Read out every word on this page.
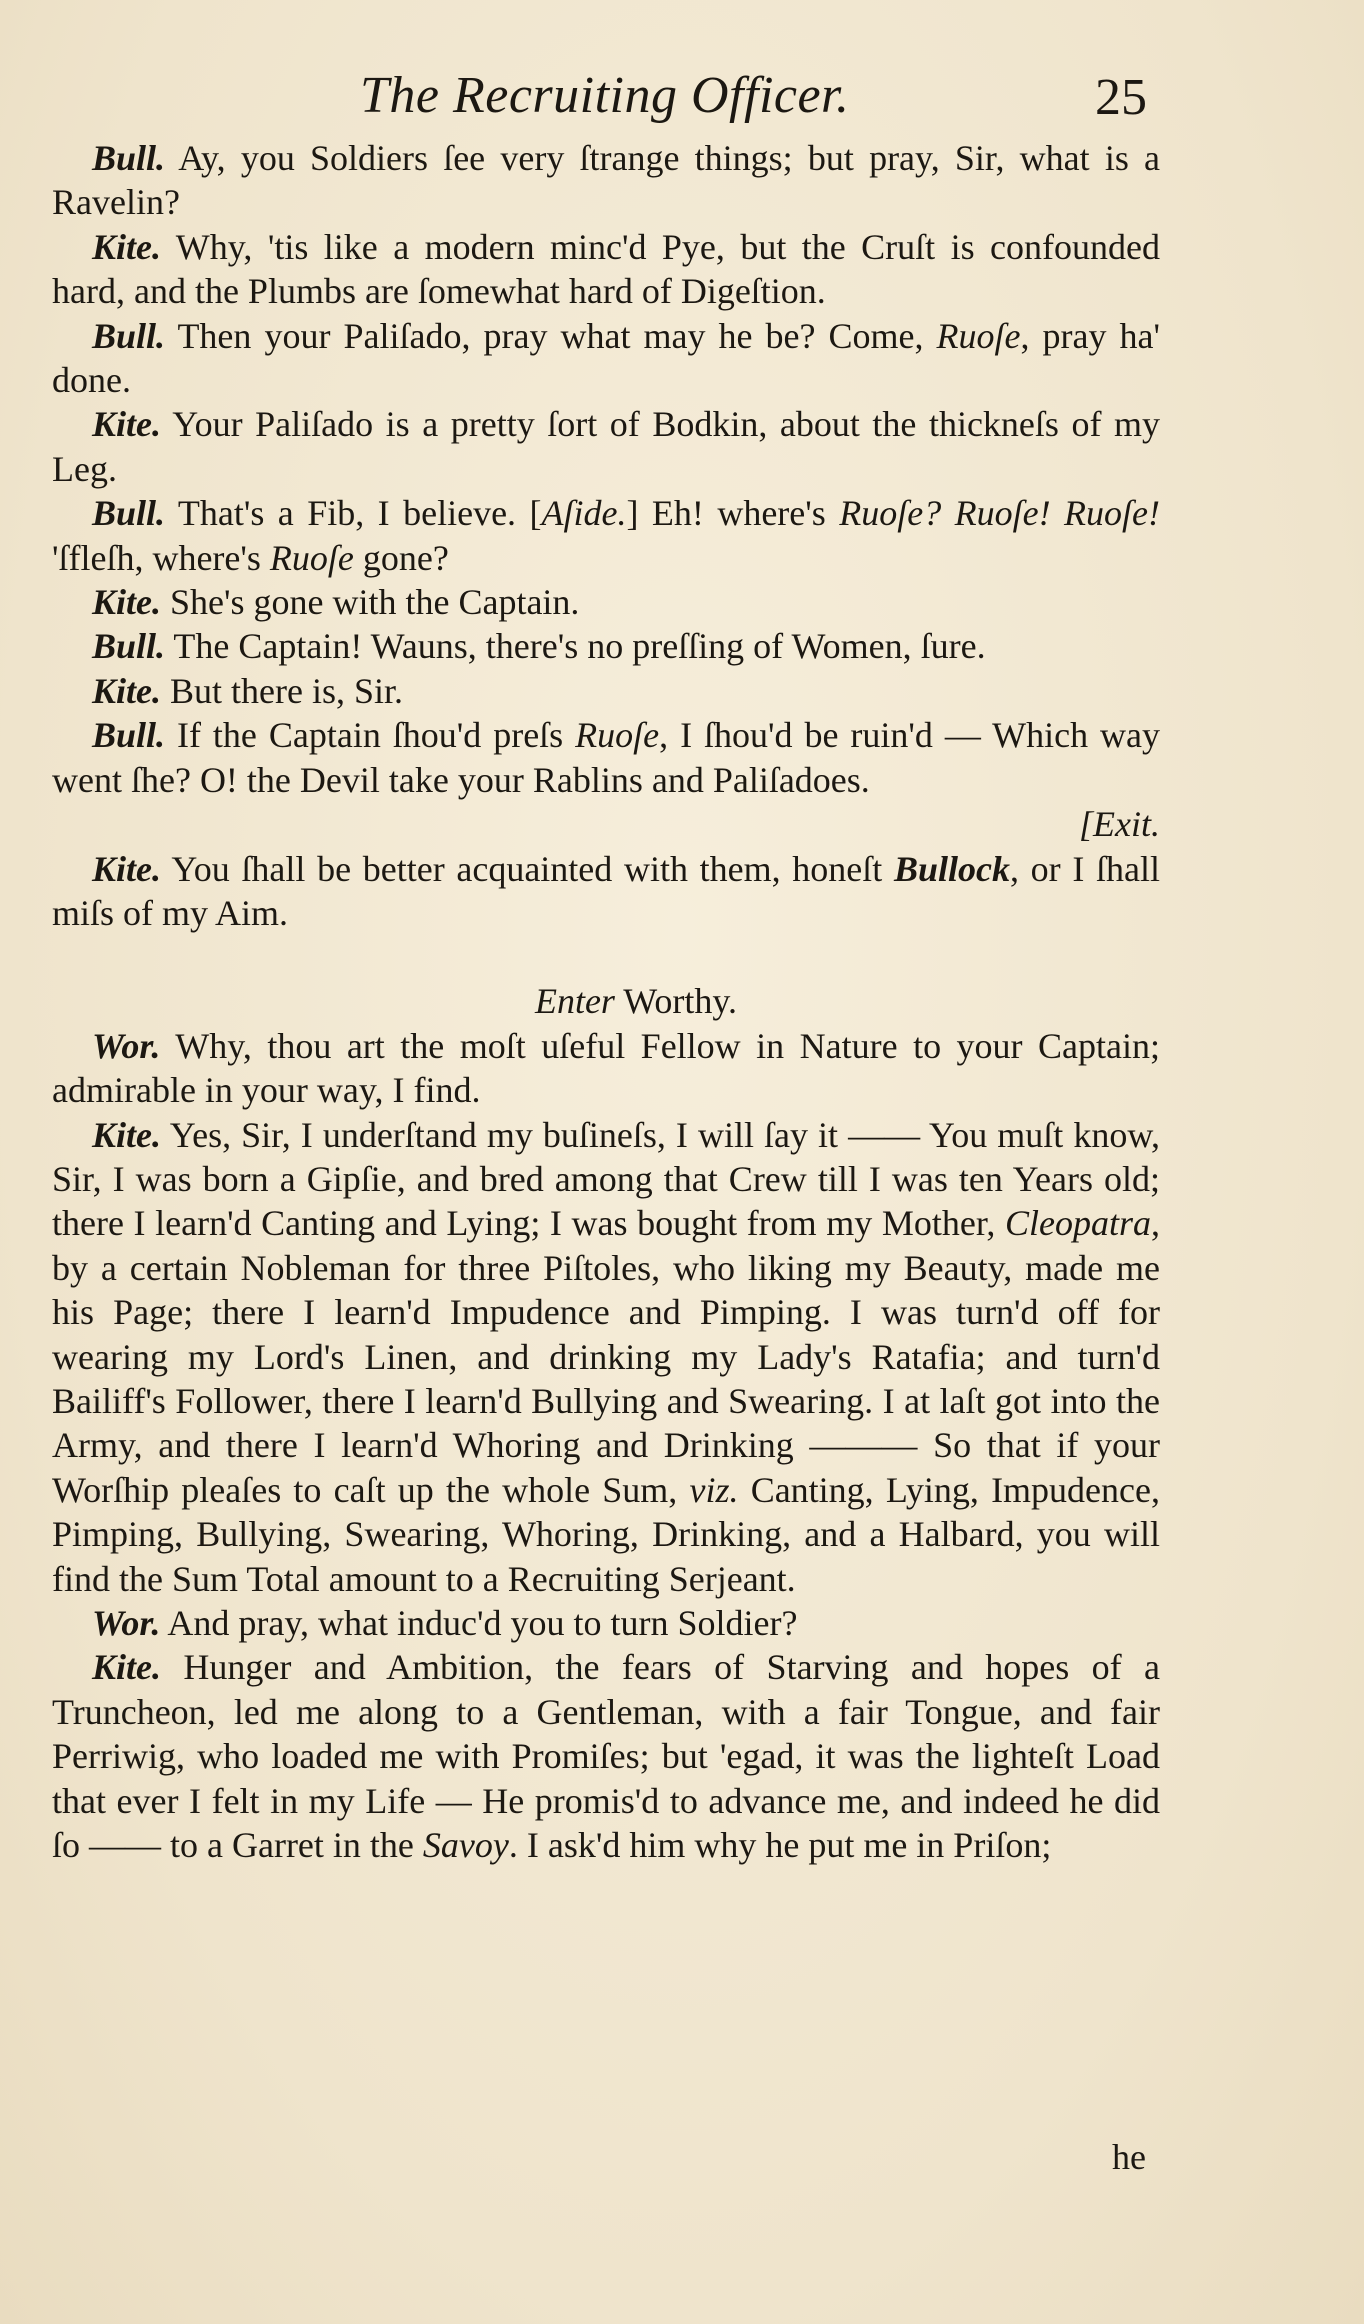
The Recruiting Officer.	25

Bull. Ay, you Soldiers ſee very ſtrange things; but pray, Sir, what is a Ravelin?

Kite. Why, 'tis like a modern minc'd Pye, but the Cruſt is confounded hard, and the Plumbs are ſomewhat hard of Digeſtion.

Bull. Then your Paliſado, pray what may he be? Come, Ruoſe, pray ha' done.

Kite. Your Paliſado is a pretty ſort of Bodkin, about the thickneſs of my Leg.

Bull. That's a Fib, I believe. [Aſide.] Eh! where's Ruoſe? Ruoſe! Ruoſe! 'ſfleſh, where's Ruoſe gone?

Kite. She's gone with the Captain.

Bull. The Captain! Wauns, there's no preſſing of Women, ſure.

Kite. But there is, Sir.

Bull. If the Captain ſhou'd preſs Ruoſe, I ſhou'd be ruin'd — Which way went ſhe? O! the Devil take your Rablins and Paliſadoes.

[Exit.

Kite. You ſhall be better acquainted with them, honeſt Bullock, or I ſhall miſs of my Aim.

Enter Worthy.

Wor. Why, thou art the moſt uſeful Fellow in Nature to your Captain; admirable in your way, I find.

Kite. Yes, Sir, I underſtand my buſineſs, I will ſay it —— You muſt know, Sir, I was born a Gipſie, and bred among that Crew till I was ten Years old; there I learn'd Canting and Lying; I was bought from my Mother, Cleopatra, by a certain Nobleman for three Piſtoles, who liking my Beauty, made me his Page; there I learn'd Impudence and Pimping. I was turn'd off for wearing my Lord's Linen, and drinking my Lady's Ratafia; and turn'd Bailiff's Follower, there I learn'd Bullying and Swearing. I at laſt got into the Army, and there I learn'd Whoring and Drinking ——— So that if your Worſhip pleaſes to caſt up the whole Sum, viz. Canting, Lying, Impudence, Pimping, Bullying, Swearing, Whoring, Drinking, and a Halbard, you will find the Sum Total amount to a Recruiting Serjeant.

Wor. And pray, what induc'd you to turn Soldier?

Kite. Hunger and Ambition, the fears of Starving and hopes of a Truncheon, led me along to a Gentleman, with a fair Tongue, and fair Perriwig, who loaded me with Promiſes; but 'egad, it was the lighteſt Load that ever I felt in my Life — He promis'd to advance me, and indeed he did ſo —— to a Garret in the Savoy. I ask'd him why he put me in Priſon;

he
